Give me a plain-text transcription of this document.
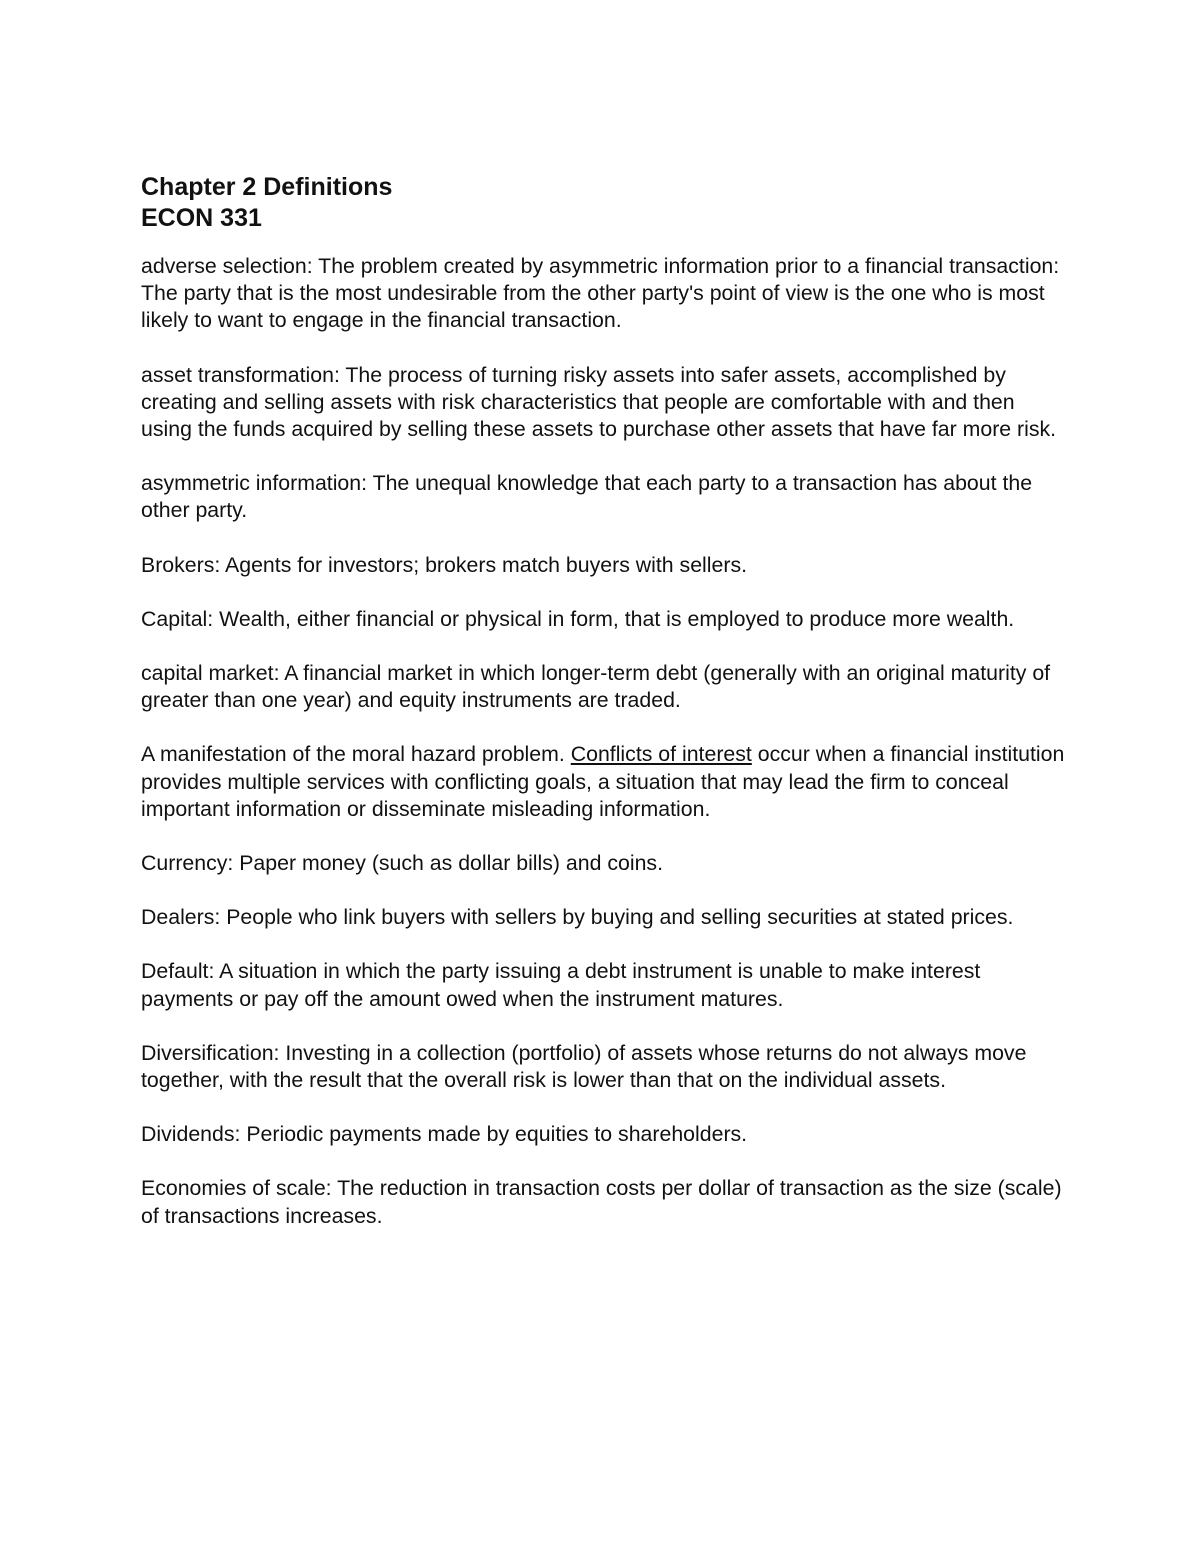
Chapter 2 Definitions
ECON 331

adverse selection: The problem created by asymmetric information prior to a financial transaction: The party that is the most undesirable from the other party's point of view is the one who is most likely to want to engage in the financial transaction.

asset transformation: The process of turning risky assets into safer assets, accomplished by creating and selling assets with risk characteristics that people are comfortable with and then using the funds acquired by selling these assets to purchase other assets that have far more risk.

asymmetric information: The unequal knowledge that each party to a transaction has about the other party.

Brokers: Agents for investors; brokers match buyers with sellers.

Capital: Wealth, either financial or physical in form, that is employed to produce more wealth.

capital market: A financial market in which longer-term debt (generally with an original maturity of greater than one year) and equity instruments are traded.

A manifestation of the moral hazard problem. Conflicts of interest occur when a financial institution provides multiple services with conflicting goals, a situation that may lead the firm to conceal important information or disseminate misleading information.

Currency: Paper money (such as dollar bills) and coins.

Dealers: People who link buyers with sellers by buying and selling securities at stated prices.

Default: A situation in which the party issuing a debt instrument is unable to make interest payments or pay off the amount owed when the instrument matures.

Diversification: Investing in a collection (portfolio) of assets whose returns do not always move together, with the result that the overall risk is lower than that on the individual assets.

Dividends: Periodic payments made by equities to shareholders.

Economies of scale: The reduction in transaction costs per dollar of transaction as the size (scale) of transactions increases.
